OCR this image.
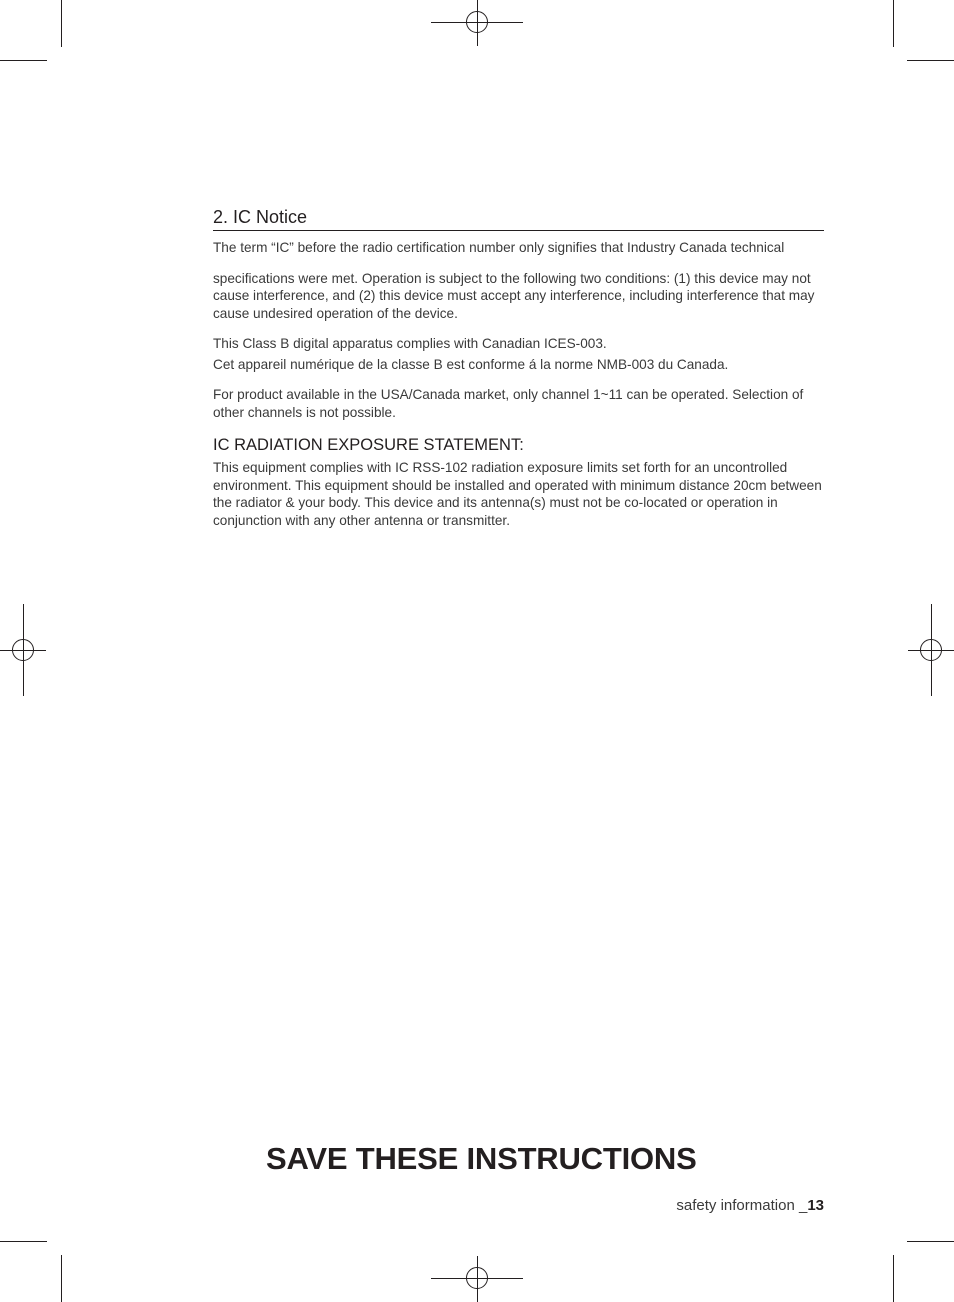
2. IC Notice

The term “IC” before the radio certification number only signifies that Industry Canada technical

specifications were met. Operation is subject to the following two conditions: (1) this device may not cause interference, and (2) this device must accept any interference, including interference that may cause undesired operation of the device.

This Class B digital apparatus complies with Canadian ICES-003.

Cet appareil numérique de la classe B est conforme á la norme NMB-003 du Canada.

For product available in the USA/Canada market, only channel 1~11 can be operated. Selection of other channels is not possible.

IC RADIATION EXPOSURE STATEMENT:

This equipment complies with IC RSS-102 radiation exposure limits set forth for an uncontrolled environment. This equipment should be installed and operated with minimum distance 20cm between the radiator & your body. This device and its antenna(s) must not be co-located or operation in conjunction with any other antenna or transmitter.

SAVE THESE INSTRUCTIONS
safety information _13
